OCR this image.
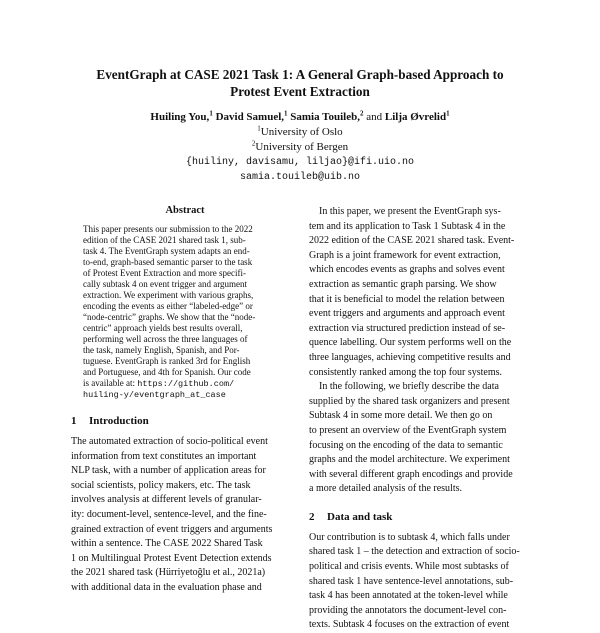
EventGraph at CASE 2021 Task 1: A General Graph-based Approach to
Protest Event Extraction
Huiling You,$^1$ David Samuel,$^1$ Samia Touileb,$^2$ and Lilja Øvrelid$^1$
$^1$University of Oslo
$^2$University of Bergen
{huiliny, davisamu, liljao}@ifi.uio.no
samia.touileb@uib.no
Abstract
This paper presents our submission to the 2022
edition of the CASE 2021 shared task 1, sub-
task 4. The EventGraph system adapts an end-
to-end, graph-based semantic parser to the task
of Protest Event Extraction and more specifi-
cally subtask 4 on event trigger and argument
extraction. We experiment with various graphs,
encoding the events as either “labeled-edge” or
“node-centric” graphs. We show that the “node-
centric” approach yields best results overall,
performing well across the three languages of
the task, namely English, Spanish, and Por-
tuguese. EventGraph is ranked 3rd for English
and Portuguese, and 4th for Spanish. Our code
is available at: https://github.com/
huiling-y/eventgraph_at_case
1 Introduction

The automated extraction of socio-political event
information from text constitutes an important
NLP task, with a number of application areas for
social scientists, policy makers, etc. The task
involves analysis at different levels of granular-
ity: document-level, sentence-level, and the fine-
grained extraction of event triggers and arguments
within a sentence. The CASE 2022 Shared Task
1 on Multilingual Protest Event Detection extends
the 2021 shared task (Hürriyetoğlu et al., 2021a)
with additional data in the evaluation phase and

In this paper, we present the EventGraph sys-
tem and its application to Task 1 Subtask 4 in the
2022 edition of the CASE 2021 shared task. Event-
Graph is a joint framework for event extraction,
which encodes events as graphs and solves event
extraction as semantic graph parsing. We show
that it is beneficial to model the relation between
event triggers and arguments and approach event
extraction via structured prediction instead of se-
quence labelling. Our system performs well on the
three languages, achieving competitive results and
consistently ranked among the top four systems.

In the following, we briefly describe the data
supplied by the shared task organizers and present
Subtask 4 in some more detail. We then go on
to present an overview of the EventGraph system
focusing on the encoding of the data to semantic
graphs and the model architecture. We experiment
with several different graph encodings and provide
a more detailed analysis of the results.

2 Data and task

Our contribution is to subtask 4, which falls under
shared task 1 – the detection and extraction of socio-
political and crisis events. While most subtasks of
shared task 1 have sentence-level annotations, sub-
task 4 has been annotated at the token-level while
providing the annotators the document-level con-
texts. Subtask 4 focuses on the extraction of event
